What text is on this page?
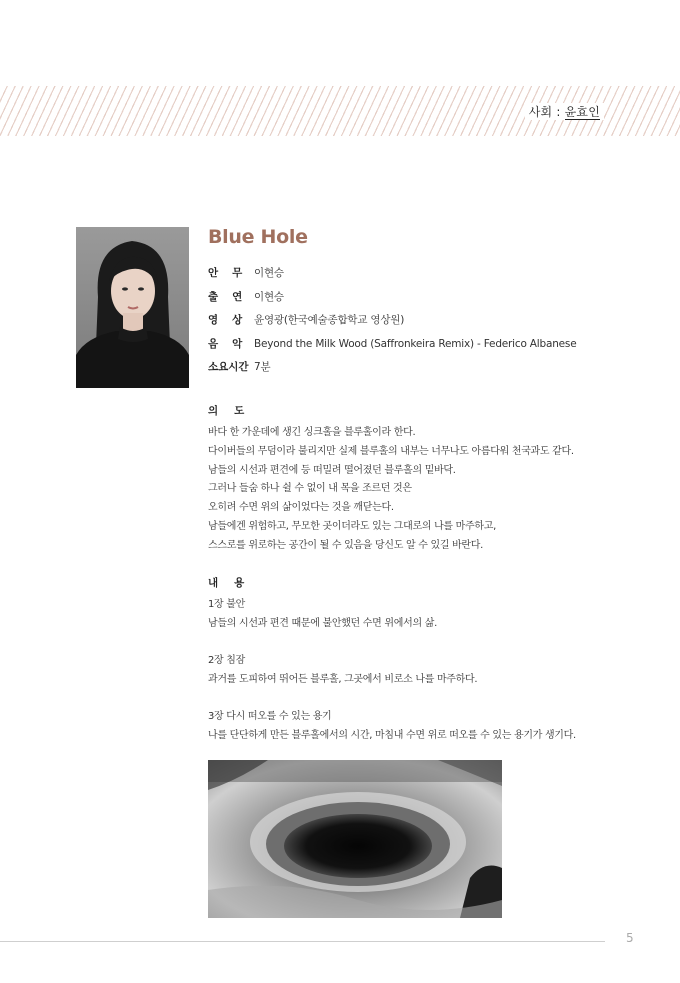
사회 : 윤효인
Blue Hole
안무
이현승
출연
이현승
영상
윤영광(한국예술종합학교 영상원)
음악
Beyond the Milk Wood (Saffronkeira Remix) - Federico Albanese
소요시간 7분
의도
바다 한 가운데에 생긴 싱크홀을 블루홀이라 한다.
다이버들의 무덤이라 불리지만 실제 블루홀의 내부는 너무나도 아름다워 천국과도 같다.
남들의 시선과 편견에 등 떠밀려 떨어졌던 블루홀의 밑바닥.
그러나 들숨 하나 쉴 수 없이 내 목을 조르던 것은
오히려 수면 위의 삶이었다는 것을 깨닫는다.
남들에겐 위험하고, 무모한 곳이더라도 있는 그대로의 나를 마주하고,
스스로를 위로하는 공간이 될 수 있음을 당신도 알 수 있길 바란다.
내용
1장 불안
남들의 시선과 편견 때문에 불안했던 수면 위에서의 삶.
2장 침잠
과거를 도피하여 뛰어든 블루홀, 그곳에서 비로소 나를 마주하다.
3장 다시 떠오를 수 있는 용기
나를 단단하게 만든 블루홀에서의 시간, 마침내 수면 위로 떠오를 수 있는 용기가 생기다.
5
